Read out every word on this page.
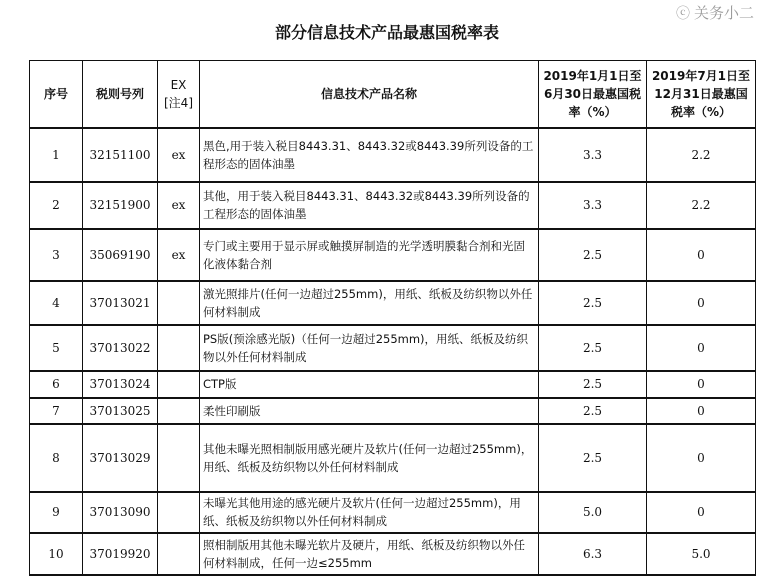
部分信息技术产品最惠国税率表
序号	税则号列	EX [注4]	信息技术产品名称	2019年1月1日至6月30日最惠国税率（%）	2019年7月1日至12月31日最惠国税率（%）
1	32151100	ex	黑色,用于装入税目8443.31、8443.32或8443.39所列设备的工程形态的固体油墨	3.3	2.2
2	32151900	ex	其他，用于装入税目8443.31、8443.32或8443.39所列设备的工程形态的固体油墨	3.3	2.2
3	35069190	ex	专门或主要用于显示屏或触摸屏制造的光学透明膜黏合剂和光固化液体黏合剂	2.5	0
4	37013021		激光照排片(任何一边超过255mm)，用纸、纸板及纺织物以外任何材料制成	2.5	0
5	37013022		PS版(预涂感光版)（任何一边超过255mm)，用纸、纸板及纺织物以外任何材料制成	2.5	0
6	37013024		CTP版	2.5	0
7	37013025		柔性印刷版	2.5	0
8	37013029		其他未曝光照相制版用感光硬片及软片(任何一边超过255mm)，用纸、纸板及纺织物以外任何材料制成	2.5	0
9	37013090		未曝光其他用途的感光硬片及软片(任何一边超过255mm)，用纸、纸板及纺织物以外任何材料制成	5.0	0
10	37019920		照相制版用其他未曝光软片及硬片，用纸、纸板及纺织物以外任何材料制成，任何一边≤255mm	6.3	5.0
ⓒ 关务小二
